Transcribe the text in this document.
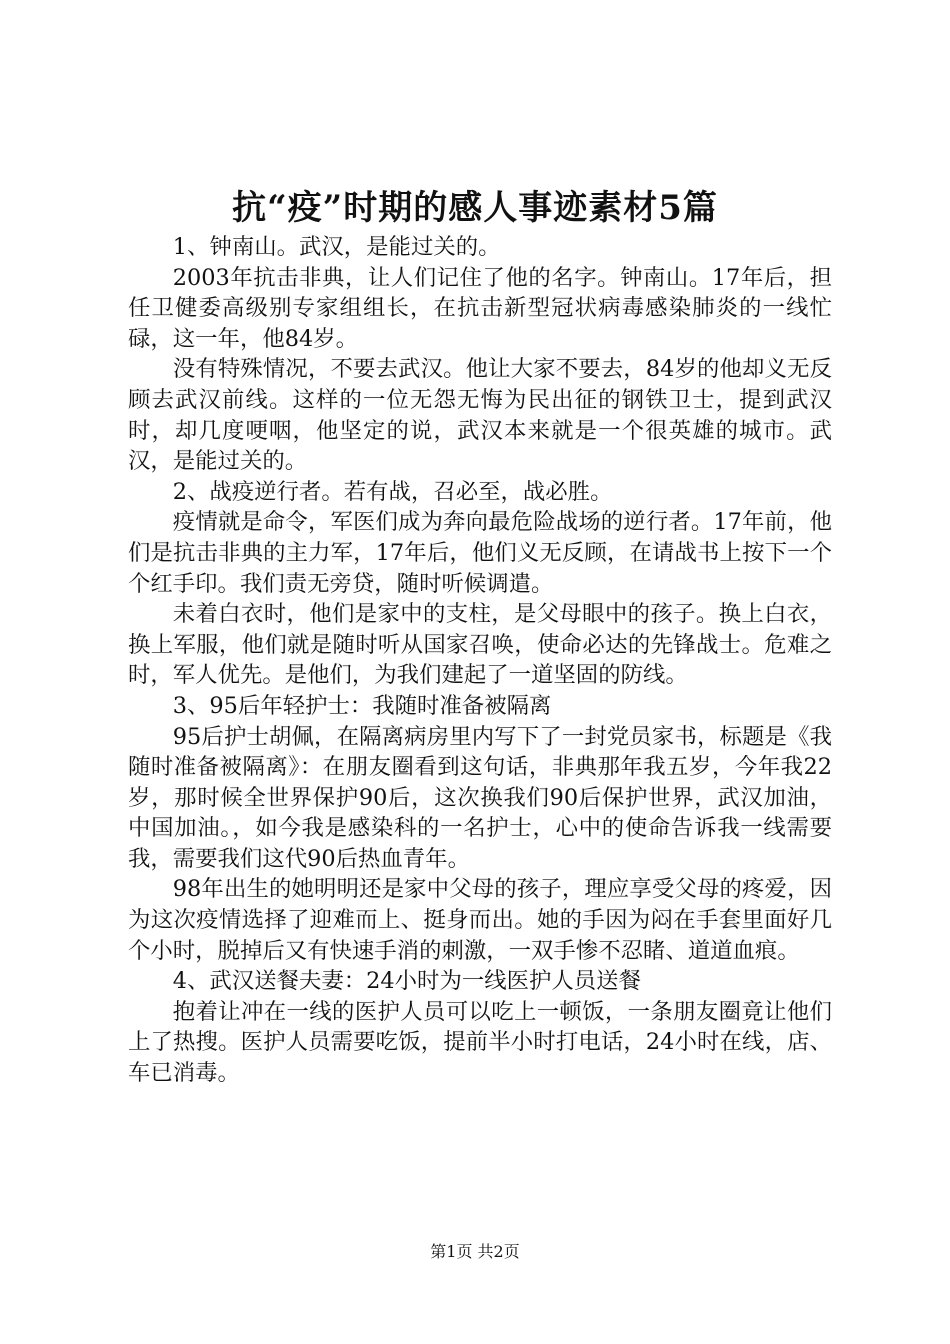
抗“疫”时期的感人事迹素材5篇

1、钟南山。武汉，是能过关的。

2003年抗击非典，让人们记住了他的名字。钟南山。17年后，担任卫健委高级别专家组组长，在抗击新型冠状病毒感染肺炎的一线忙碌，这一年，他84岁。

没有特殊情况，不要去武汉。他让大家不要去，84岁的他却义无反顾去武汉前线。这样的一位无怨无悔为民出征的钢铁卫士，提到武汉时，却几度哽咽，他坚定的说，武汉本来就是一个很英雄的城市。武汉，是能过关的。

2、战疫逆行者。若有战，召必至，战必胜。

疫情就是命令，军医们成为奔向最危险战场的逆行者。17年前，他们是抗击非典的主力军，17年后，他们义无反顾，在请战书上按下一个个红手印。我们责无旁贷，随时听候调遣。

未着白衣时，他们是家中的支柱，是父母眼中的孩子。换上白衣，换上军服，他们就是随时听从国家召唤，使命必达的先锋战士。危难之时，军人优先。是他们，为我们建起了一道坚固的防线。

3、95后年轻护士：我随时准备被隔离

95后护士胡佩，在隔离病房里内写下了一封党员家书，标题是《我随时准备被隔离》：在朋友圈看到这句话，非典那年我五岁，今年我22岁，那时候全世界保护90后，这次换我们90后保护世界，武汉加油，中国加油。，如今我是感染科的一名护士，心中的使命告诉我一线需要我，需要我们这代90后热血青年。

98年出生的她明明还是家中父母的孩子，理应享受父母的疼爱，因为这次疫情选择了迎难而上、挺身而出。她的手因为闷在手套里面好几个小时，脱掉后又有快速手消的刺激，一双手惨不忍睹、道道血痕。

4、武汉送餐夫妻：24小时为一线医护人员送餐

抱着让冲在一线的医护人员可以吃上一顿饭，一条朋友圈竟让他们上了热搜。医护人员需要吃饭，提前半小时打电话，24小时在线，店、车已消毒。

第1页 共2页
